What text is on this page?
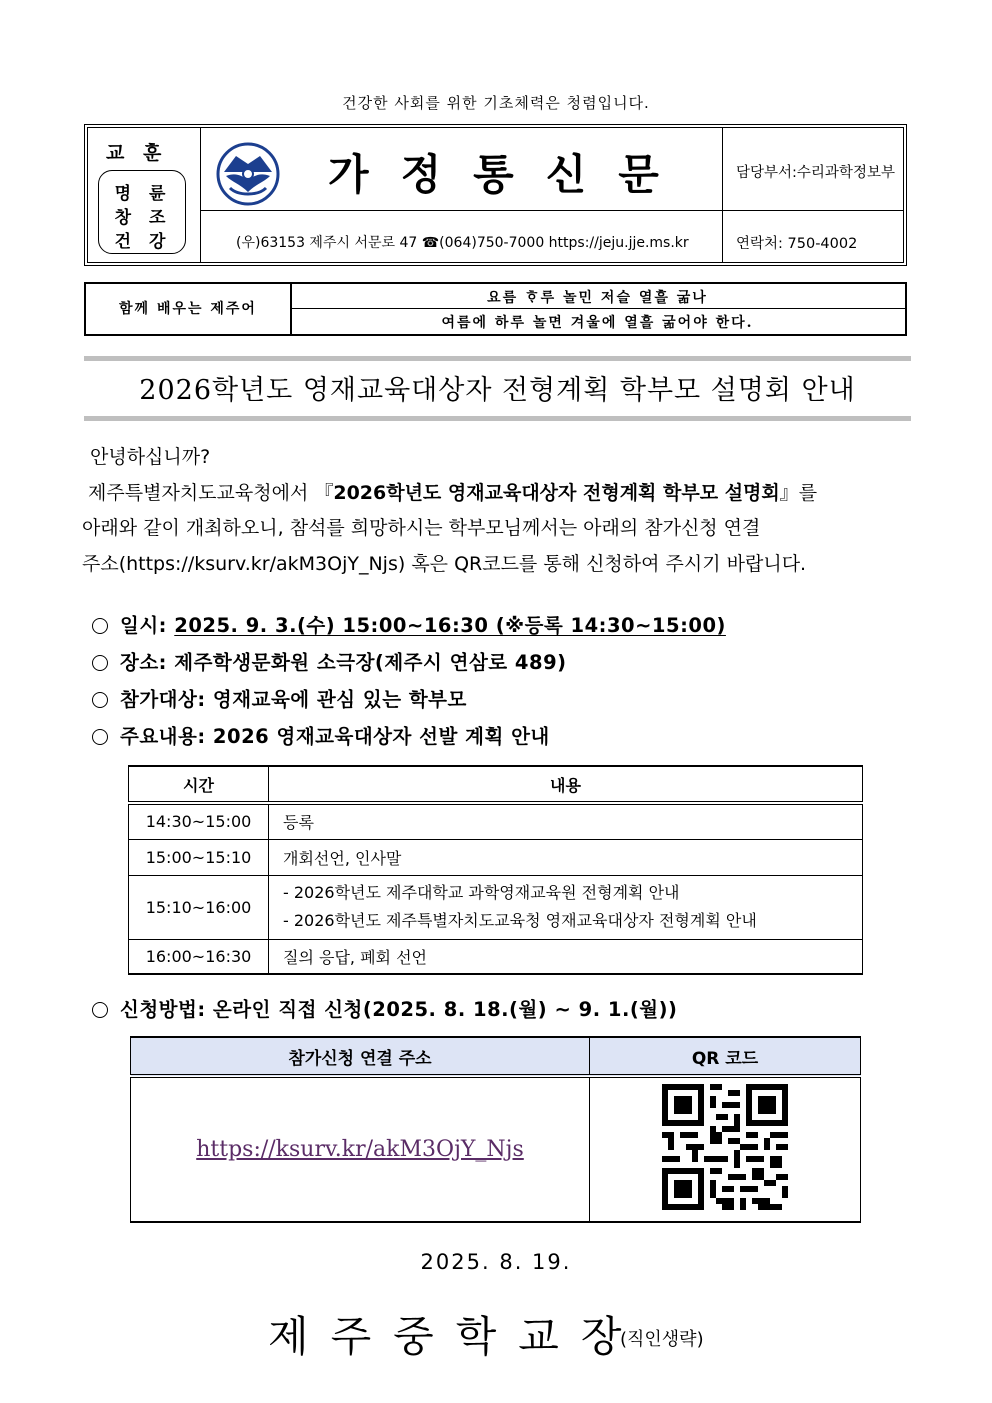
건강한 사회를 위한 기초체력은 청렴입니다.
교 훈
명 륜
창 조
건 강
가정통신문	담당부서:수리과학정보부
(우)63153 제주시 서문로 47 ☎(064)750-7000 https://jeju.jje.ms.kr	연락처: 750-4002
함께 배우는 제주어
요름 ᄒᆞ루 놀민 저슬 열흘 굶나
여름에 하루 놀면 겨울에 열흘 굶어야 한다.
2026학년도 영재교육대상자 전형계획 학부모 설명회 안내
안녕하십니까?
제주특별자치도교육청에서 『2026학년도 영재교육대상자 전형계획 학부모 설명회』를
아래와 같이 개최하오니, 참석를 희망하시는 학부모님께서는 아래의 참가신청 연결
주소(https://ksurv.kr/akM3OjY_Njs) 혹은 QR코드를 통해 신청하여 주시기 바랍니다.
일시: 2025. 9. 3.(수) 15:00~16:30 (※등록 14:30~15:00)
장소: 제주학생문화원 소극장(제주시 연삼로 489)
참가대상: 영재교육에 관심 있는 학부모
주요내용: 2026 영재교육대상자 선발 계획 안내
시간	내용
14:30~15:00	등록
15:00~15:10	개회선언, 인사말
15:10~16:00	- 2026학년도 제주대학교 과학영재교육원 전형계획 안내
- 2026학년도 제주특별자치도교육청 영재교육대상자 전형계획 안내

16:00~16:30	질의 응답, 폐회 선언
신청방법: 온라인 직접 신청(2025. 8. 18.(월) ~ 9. 1.(월))
참가신청 연결 주소	QR 코드
https://ksurv.kr/akM3OjY_Njs	
2025. 8. 19.
제주중학교장
(직인생략)
